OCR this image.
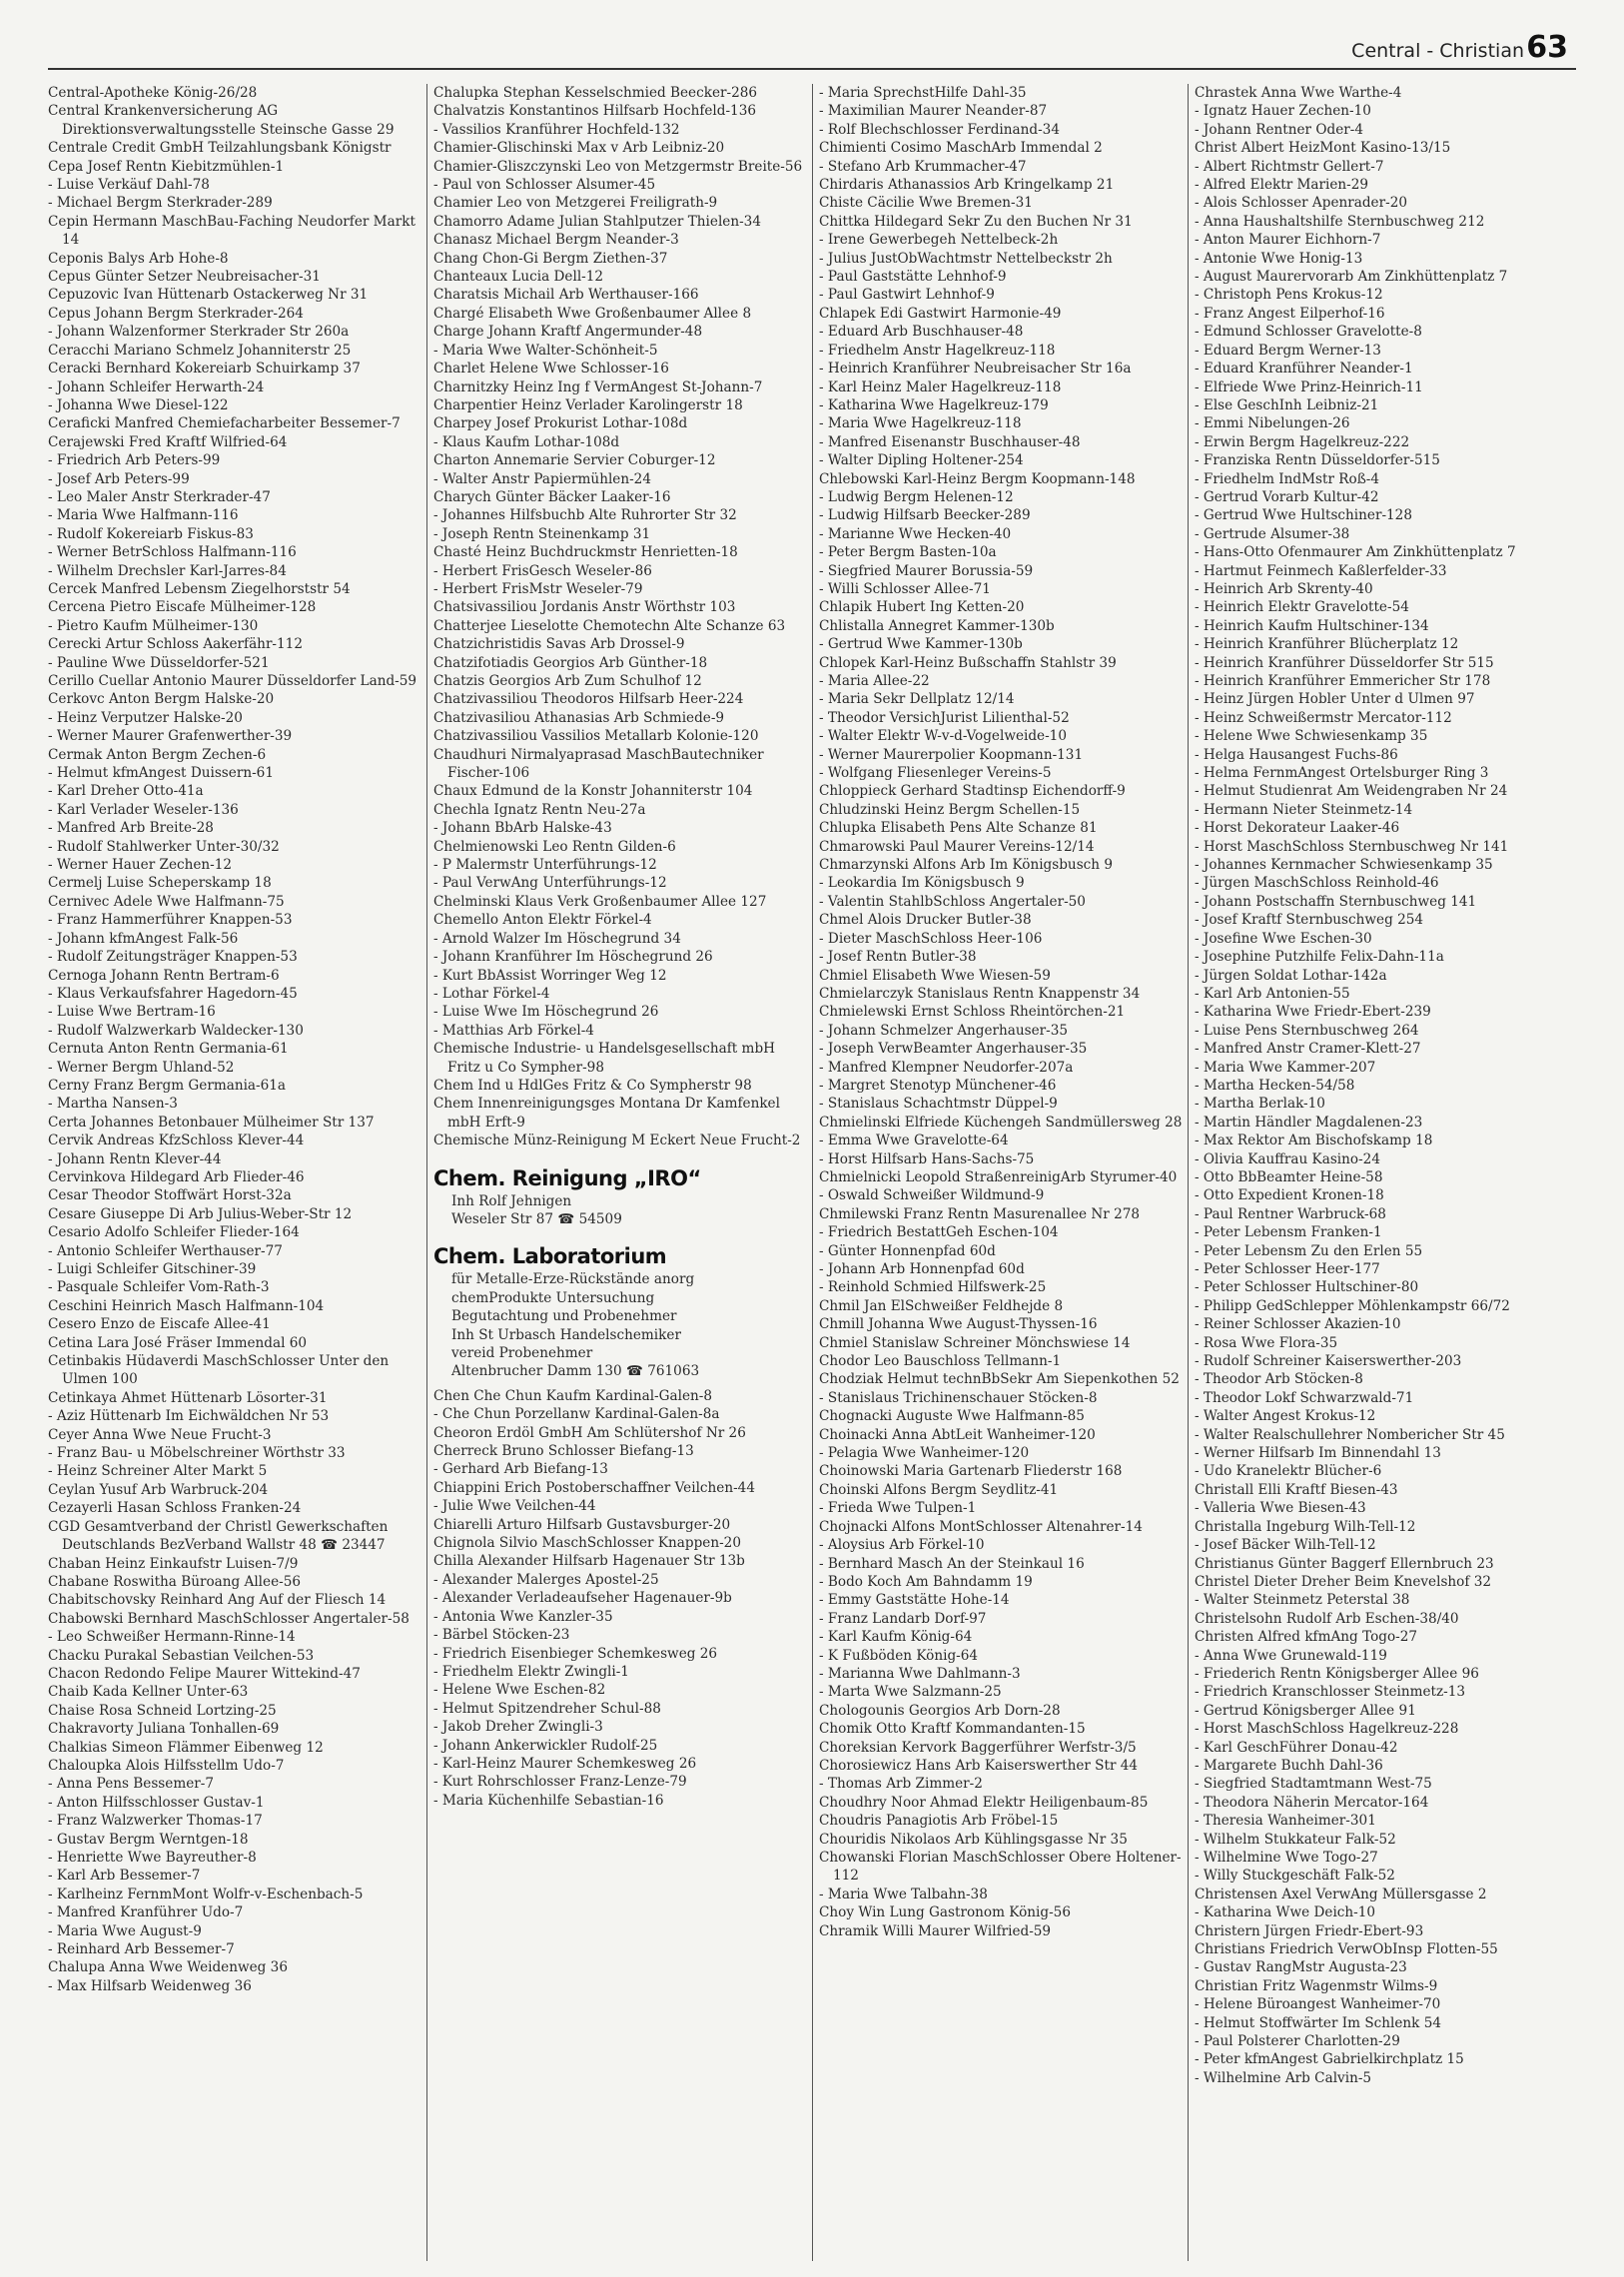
Central - Christian 63

Central-Apotheke König-26/28

Central Krankenversicherung AG Direktionsverwaltungsstelle Steinsche Gasse 29

Centrale Credit GmbH Teilzahlungsbank Königstr

Cepa Josef Rentn Kiebitzmühlen-1

- Luise Verkäuf Dahl-78

- Michael Bergm Sterkrader-289

Cepin Hermann MaschBau-Faching Neudorfer Markt 14

Ceponis Balys Arb Hohe-8

Cepus Günter Setzer Neubreisacher-31

Cepuzovic Ivan Hüttenarb Ostackerweg Nr 31

Cepus Johann Bergm Sterkrader-264

- Johann Walzenformer Sterkrader Str 260a

Ceracchi Mariano Schmelz Johanniterstr 25

Ceracki Bernhard Kokereiarb Schuirkamp 37

- Johann Schleifer Herwarth-24

- Johanna Wwe Diesel-122

Ceraficki Manfred Chemiefacharbeiter Bessemer-7

Cerajewski Fred Kraftf Wilfried-64

- Friedrich Arb Peters-99

- Josef Arb Peters-99

- Leo Maler Anstr Sterkrader-47

- Maria Wwe Halfmann-116

- Rudolf Kokereiarb Fiskus-83

- Werner BetrSchloss Halfmann-116

- Wilhelm Drechsler Karl-Jarres-84

Cercek Manfred Lebensm Ziegelhorststr 54

Cercena Pietro Eiscafe Mülheimer-128

- Pietro Kaufm Mülheimer-130

Cerecki Artur Schloss Aakerfähr-112

- Pauline Wwe Düsseldorfer-521

Cerillo Cuellar Antonio Maurer Düsseldorfer Land-59

Cerkovc Anton Bergm Halske-20

- Heinz Verputzer Halske-20

- Werner Maurer Grafenwerther-39

Cermak Anton Bergm Zechen-6

- Helmut kfmAngest Duissern-61

- Karl Dreher Otto-41a

- Karl Verlader Weseler-136

- Manfred Arb Breite-28

- Rudolf Stahlwerker Unter-30/32

- Werner Hauer Zechen-12

Cermelj Luise Scheperskamp 18

Cernivec Adele Wwe Halfmann-75

- Franz Hammerführer Knappen-53

- Johann kfmAngest Falk-56

- Rudolf Zeitungsträger Knappen-53

Cernoga Johann Rentn Bertram-6

- Klaus Verkaufsfahrer Hagedorn-45

- Luise Wwe Bertram-16

- Rudolf Walzwerkarb Waldecker-130

Cernuta Anton Rentn Germania-61

- Werner Bergm Uhland-52

Cerny Franz Bergm Germania-61a

- Martha Nansen-3

Certa Johannes Betonbauer Mülheimer Str 137

Cervik Andreas KfzSchloss Klever-44

- Johann Rentn Klever-44

Cervinkova Hildegard Arb Flieder-46

Cesar Theodor Stoffwärt Horst-32a

Cesare Giuseppe Di Arb Julius-Weber-Str 12

Cesario Adolfo Schleifer Flieder-164

- Antonio Schleifer Werthauser-77

- Luigi Schleifer Gitschiner-39

- Pasquale Schleifer Vom-Rath-3

Ceschini Heinrich Masch Halfmann-104

Cesero Enzo de Eiscafe Allee-41

Cetina Lara José Fräser Immendal 60

Cetinbakis Hüdaverdi MaschSchlosser Unter den Ulmen 100

Cetinkaya Ahmet Hüttenarb Lösorter-31

- Aziz Hüttenarb Im Eichwäldchen Nr 53

Ceyer Anna Wwe Neue Frucht-3

- Franz Bau- u Möbelschreiner Wörthstr 33

- Heinz Schreiner Alter Markt 5

Ceylan Yusuf Arb Warbruck-204

Cezayerli Hasan Schloss Franken-24

CGD Gesamtverband der Christl Gewerkschaften Deutschlands BezVerband Wallstr 48 ☎ 23447

Chaban Heinz Einkaufstr Luisen-7/9

Chabane Roswitha Büroang Allee-56

Chabitschovsky Reinhard Ang Auf der Fliesch 14

Chabowski Bernhard MaschSchlosser Angertaler-58

- Leo Schweißer Hermann-Rinne-14

Chacku Purakal Sebastian Veilchen-53

Chacon Redondo Felipe Maurer Wittekind-47

Chaib Kada Kellner Unter-63

Chaise Rosa Schneid Lortzing-25

Chakravorty Juliana Tonhallen-69

Chalkias Simeon Flämmer Eibenweg 12

Chaloupka Alois Hilfsstellm Udo-7

- Anna Pens Bessemer-7

- Anton Hilfsschlosser Gustav-1

- Franz Walzwerker Thomas-17

- Gustav Bergm Werntgen-18

- Henriette Wwe Bayreuther-8

- Karl Arb Bessemer-7

- Karlheinz FernmMont Wolfr-v-Eschenbach-5

- Manfred Kranführer Udo-7

- Maria Wwe August-9

- Reinhard Arb Bessemer-7

Chalupa Anna Wwe Weidenweg 36

- Max Hilfsarb Weidenweg 36

Chalupka Stephan Kesselschmied Beecker-286

Chalvatzis Konstantinos Hilfsarb Hochfeld-136

- Vassilios Kranführer Hochfeld-132

Chamier-Glischinski Max v Arb Leibniz-20

Chamier-Gliszczynski Leo von Metzgermstr Breite-56

- Paul von Schlosser Alsumer-45

Chamier Leo von Metzgerei Freiligrath-9

Chamorro Adame Julian Stahlputzer Thielen-34

Chanasz Michael Bergm Neander-3

Chang Chon-Gi Bergm Ziethen-37

Chanteaux Lucia Dell-12

Charatsis Michail Arb Werthauser-166

Chargé Elisabeth Wwe Großenbaumer Allee 8

Charge Johann Kraftf Angermunder-48

- Maria Wwe Walter-Schönheit-5

Charlet Helene Wwe Schlosser-16

Charnitzky Heinz Ing f VermAngest St-Johann-7

Charpentier Heinz Verlader Karolingerstr 18

Charpey Josef Prokurist Lothar-108d

- Klaus Kaufm Lothar-108d

Charton Annemarie Servier Coburger-12

- Walter Anstr Papiermühlen-24

Charych Günter Bäcker Laaker-16

- Johannes Hilfsbuchb Alte Ruhrorter Str 32

- Joseph Rentn Steinenkamp 31

Chasté Heinz Buchdruckmstr Henrietten-18

- Herbert FrisGesch Weseler-86

- Herbert FrisMstr Weseler-79

Chatsivassiliou Jordanis Anstr Wörthstr 103

Chatterjee Lieselotte Chemotechn Alte Schanze 63

Chatzichristidis Savas Arb Drossel-9

Chatzifotiadis Georgios Arb Günther-18

Chatzis Georgios Arb Zum Schulhof 12

Chatzivassiliou Theodoros Hilfsarb Heer-224

Chatzivasiliou Athanasias Arb Schmiede-9

Chatzivassiliou Vassilios Metallarb Kolonie-120

Chaudhuri Nirmalyaprasad MaschBautechniker Fischer-106

Chaux Edmund de la Konstr Johanniterstr 104

Chechla Ignatz Rentn Neu-27a

- Johann BbArb Halske-43

Chelmienowski Leo Rentn Gilden-6

- P Malermstr Unterführungs-12

- Paul VerwAng Unterführungs-12

Chelminski Klaus Verk Großenbaumer Allee 127

Chemello Anton Elektr Förkel-4

- Arnold Walzer Im Höschegrund 34

- Johann Kranführer Im Höschegrund 26

- Kurt BbAssist Worringer Weg 12

- Lothar Förkel-4

- Luise Wwe Im Höschegrund 26

- Matthias Arb Förkel-4

Chemische Industrie- u Handelsgesellschaft mbH Fritz u Co Sympher-98

Chem Ind u HdlGes Fritz & Co Sympherstr 98

Chem Innenreinigungsges Montana Dr Kamfenkel mbH Erft-9

Chemische Münz-Reinigung M Eckert Neue Frucht-2

Chem. Reinigung „IRO“
Inh Rolf Jehnigen
Weseler Str 87 ☎ 54509
Chem. Laboratorium
für Metalle-Erze-Rückstände anorg
chemProdukte Untersuchung
Begutachtung und Probenehmer
Inh St Urbasch Handelschemiker
vereid Probenehmer
Altenbrucher Damm 130 ☎ 761063

Chen Che Chun Kaufm Kardinal-Galen-8

- Che Chun Porzellanw Kardinal-Galen-8a

Cheoron Erdöl GmbH Am Schlütershof Nr 26

Cherreck Bruno Schlosser Biefang-13

- Gerhard Arb Biefang-13

Chiappini Erich Postoberschaffner Veilchen-44

- Julie Wwe Veilchen-44

Chiarelli Arturo Hilfsarb Gustavsburger-20

Chignola Silvio MaschSchlosser Knappen-20

Chilla Alexander Hilfsarb Hagenauer Str 13b

- Alexander Malerges Apostel-25

- Alexander Verladeaufseher Hagenauer-9b

- Antonia Wwe Kanzler-35

- Bärbel Stöcken-23

- Friedrich Eisenbieger Schemkesweg 26

- Friedhelm Elektr Zwingli-1

- Helene Wwe Eschen-82

- Helmut Spitzendreher Schul-88

- Jakob Dreher Zwingli-3

- Johann Ankerwickler Rudolf-25

- Karl-Heinz Maurer Schemkesweg 26

- Kurt Rohrschlosser Franz-Lenze-79

- Maria Küchenhilfe Sebastian-16

- Maria SprechstHilfe Dahl-35

- Maximilian Maurer Neander-87

- Rolf Blechschlosser Ferdinand-34

Chimienti Cosimo MaschArb Immendal 2

- Stefano Arb Krummacher-47

Chirdaris Athanassios Arb Kringelkamp 21

Chiste Cäcilie Wwe Bremen-31

Chittka Hildegard Sekr Zu den Buchen Nr 31

- Irene Gewerbegeh Nettelbeck-2h

- Julius JustObWachtmstr Nettelbeckstr 2h

- Paul Gaststätte Lehnhof-9

- Paul Gastwirt Lehnhof-9

Chlapek Edi Gastwirt Harmonie-49

- Eduard Arb Buschhauser-48

- Friedhelm Anstr Hagelkreuz-118

- Heinrich Kranführer Neubreisacher Str 16a

- Karl Heinz Maler Hagelkreuz-118

- Katharina Wwe Hagelkreuz-179

- Maria Wwe Hagelkreuz-118

- Manfred Eisenanstr Buschhauser-48

- Walter Dipling Holtener-254

Chlebowski Karl-Heinz Bergm Koopmann-148

- Ludwig Bergm Helenen-12

- Ludwig Hilfsarb Beecker-289

- Marianne Wwe Hecken-40

- Peter Bergm Basten-10a

- Siegfried Maurer Borussia-59

- Willi Schlosser Allee-71

Chlapik Hubert Ing Ketten-20

Chlistalla Annegret Kammer-130b

- Gertrud Wwe Kammer-130b

Chlopek Karl-Heinz Bußschaffn Stahlstr 39

- Maria Allee-22

- Maria Sekr Dellplatz 12/14

- Theodor VersichJurist Lilienthal-52

- Walter Elektr W-v-d-Vogelweide-10

- Werner Maurerpolier Koopmann-131

- Wolfgang Fliesenleger Vereins-5

Chloppieck Gerhard Stadtinsp Eichendorff-9

Chludzinski Heinz Bergm Schellen-15

Chlupka Elisabeth Pens Alte Schanze 81

Chmarowski Paul Maurer Vereins-12/14

Chmarzynski Alfons Arb Im Königsbusch 9

- Leokardia Im Königsbusch 9

- Valentin StahlbSchloss Angertaler-50

Chmel Alois Drucker Butler-38

- Dieter MaschSchloss Heer-106

- Josef Rentn Butler-38

Chmiel Elisabeth Wwe Wiesen-59

Chmielarczyk Stanislaus Rentn Knappenstr 34

Chmielewski Ernst Schloss Rheintörchen-21

- Johann Schmelzer Angerhauser-35

- Joseph VerwBeamter Angerhauser-35

- Manfred Klempner Neudorfer-207a

- Margret Stenotyp Münchener-46

- Stanislaus Schachtmstr Düppel-9

Chmielinski Elfriede Küchengeh Sandmüllersweg 28

- Emma Wwe Gravelotte-64

- Horst Hilfsarb Hans-Sachs-75

Chmielnicki Leopold StraßenreinigArb Styrumer-40

- Oswald Schweißer Wildmund-9

Chmilewski Franz Rentn Masurenallee Nr 278

- Friedrich BestattGeh Eschen-104

- Günter Honnenpfad 60d

- Johann Arb Honnenpfad 60d

- Reinhold Schmied Hilfswerk-25

Chmil Jan ElSchweißer Feldhejde 8

Chmill Johanna Wwe August-Thyssen-16

Chmiel Stanislaw Schreiner Mönchswiese 14

Chodor Leo Bauschloss Tellmann-1

Chodziak Helmut technBbSekr Am Siepenkothen 52

- Stanislaus Trichinenschauer Stöcken-8

Chognacki Auguste Wwe Halfmann-85

Choinacki Anna AbtLeit Wanheimer-120

- Pelagia Wwe Wanheimer-120

Choinowski Maria Gartenarb Fliederstr 168

Choinski Alfons Bergm Seydlitz-41

- Frieda Wwe Tulpen-1

Chojnacki Alfons MontSchlosser Altenahrer-14

- Aloysius Arb Förkel-10

- Bernhard Masch An der Steinkaul 16

- Bodo Koch Am Bahndamm 19

- Emmy Gaststätte Hohe-14

- Franz Landarb Dorf-97

- Karl Kaufm König-64

- K Fußböden König-64

- Marianna Wwe Dahlmann-3

- Marta Wwe Salzmann-25

Chologounis Georgios Arb Dorn-28

Chomik Otto Kraftf Kommandanten-15

Choreksian Kervork Baggerführer Werfstr-3/5

Chorosiewicz Hans Arb Kaiserswerther Str 44

- Thomas Arb Zimmer-2

Choudhry Noor Ahmad Elektr Heiligenbaum-85

Choudris Panagiotis Arb Fröbel-15

Chouridis Nikolaos Arb Kühlingsgasse Nr 35

Chowanski Florian MaschSchlosser Obere Holtener-112

- Maria Wwe Talbahn-38

Choy Win Lung Gastronom König-56

Chramik Willi Maurer Wilfried-59

Chrastek Anna Wwe Warthe-4

- Ignatz Hauer Zechen-10

- Johann Rentner Oder-4

Christ Albert HeizMont Kasino-13/15

- Albert Richtmstr Gellert-7

- Alfred Elektr Marien-29

- Alois Schlosser Apenrader-20

- Anna Haushaltshilfe Sternbuschweg 212

- Anton Maurer Eichhorn-7

- Antonie Wwe Honig-13

- August Maurervorarb Am Zinkhüttenplatz 7

- Christoph Pens Krokus-12

- Franz Angest Eilperhof-16

- Edmund Schlosser Gravelotte-8

- Eduard Bergm Werner-13

- Eduard Kranführer Neander-1

- Elfriede Wwe Prinz-Heinrich-11

- Else GeschInh Leibniz-21

- Emmi Nibelungen-26

- Erwin Bergm Hagelkreuz-222

- Franziska Rentn Düsseldorfer-515

- Friedhelm IndMstr Roß-4

- Gertrud Vorarb Kultur-42

- Gertrud Wwe Hultschiner-128

- Gertrude Alsumer-38

- Hans-Otto Ofenmaurer Am Zinkhüttenplatz 7

- Hartmut Feinmech Kaßlerfelder-33

- Heinrich Arb Skrenty-40

- Heinrich Elektr Gravelotte-54

- Heinrich Kaufm Hultschiner-134

- Heinrich Kranführer Blücherplatz 12

- Heinrich Kranführer Düsseldorfer Str 515

- Heinrich Kranführer Emmericher Str 178

- Heinz Jürgen Hobler Unter d Ulmen 97

- Heinz Schweißermstr Mercator-112

- Helene Wwe Schwiesenkamp 35

- Helga Hausangest Fuchs-86

- Helma FernmAngest Ortelsburger Ring 3

- Helmut Studienrat Am Weidengraben Nr 24

- Hermann Nieter Steinmetz-14

- Horst Dekorateur Laaker-46

- Horst MaschSchloss Sternbuschweg Nr 141

- Johannes Kernmacher Schwiesenkamp 35

- Jürgen MaschSchloss Reinhold-46

- Johann Postschaffn Sternbuschweg 141

- Josef Kraftf Sternbuschweg 254

- Josefine Wwe Eschen-30

- Josephine Putzhilfe Felix-Dahn-11a

- Jürgen Soldat Lothar-142a

- Karl Arb Antonien-55

- Katharina Wwe Friedr-Ebert-239

- Luise Pens Sternbuschweg 264

- Manfred Anstr Cramer-Klett-27

- Maria Wwe Kammer-207

- Martha Hecken-54/58

- Martha Berlak-10

- Martin Händler Magdalenen-23

- Max Rektor Am Bischofskamp 18

- Olivia Kauffrau Kasino-24

- Otto BbBeamter Heine-58

- Otto Expedient Kronen-18

- Paul Rentner Warbruck-68

- Peter Lebensm Franken-1

- Peter Lebensm Zu den Erlen 55

- Peter Schlosser Heer-177

- Peter Schlosser Hultschiner-80

- Philipp GedSchlepper Möhlenkampstr 66/72

- Reiner Schlosser Akazien-10

- Rosa Wwe Flora-35

- Rudolf Schreiner Kaiserswerther-203

- Theodor Arb Stöcken-8

- Theodor Lokf Schwarzwald-71

- Walter Angest Krokus-12

- Walter Realschullehrer Nombericher Str 45

- Werner Hilfsarb Im Binnendahl 13

- Udo Kranelektr Blücher-6

Christall Elli Kraftf Biesen-43

- Valleria Wwe Biesen-43

Christalla Ingeburg Wilh-Tell-12

- Josef Bäcker Wilh-Tell-12

Christianus Günter Baggerf Ellernbruch 23

Christel Dieter Dreher Beim Knevelshof 32

- Walter Steinmetz Peterstal 38

Christelsohn Rudolf Arb Eschen-38/40

Christen Alfred kfmAng Togo-27

- Anna Wwe Grunewald-119

- Friederich Rentn Königsberger Allee 96

- Friedrich Kranschlosser Steinmetz-13

- Gertrud Königsberger Allee 91

- Horst MaschSchloss Hagelkreuz-228

- Karl GeschFührer Donau-42

- Margarete Buchh Dahl-36

- Siegfried Stadtamtmann West-75

- Theodora Näherin Mercator-164

- Theresia Wanheimer-301

- Wilhelm Stukkateur Falk-52

- Wilhelmine Wwe Togo-27

- Willy Stuckgeschäft Falk-52

Christensen Axel VerwAng Müllersgasse 2

- Katharina Wwe Deich-10

Christern Jürgen Friedr-Ebert-93

Christians Friedrich VerwObInsp Flotten-55

- Gustav RangMstr Augusta-23

Christian Fritz Wagenmstr Wilms-9

- Helene Büroangest Wanheimer-70

- Helmut Stoffwärter Im Schlenk 54

- Paul Polsterer Charlotten-29

- Peter kfmAngest Gabrielkirchplatz 15

- Wilhelmine Arb Calvin-5
